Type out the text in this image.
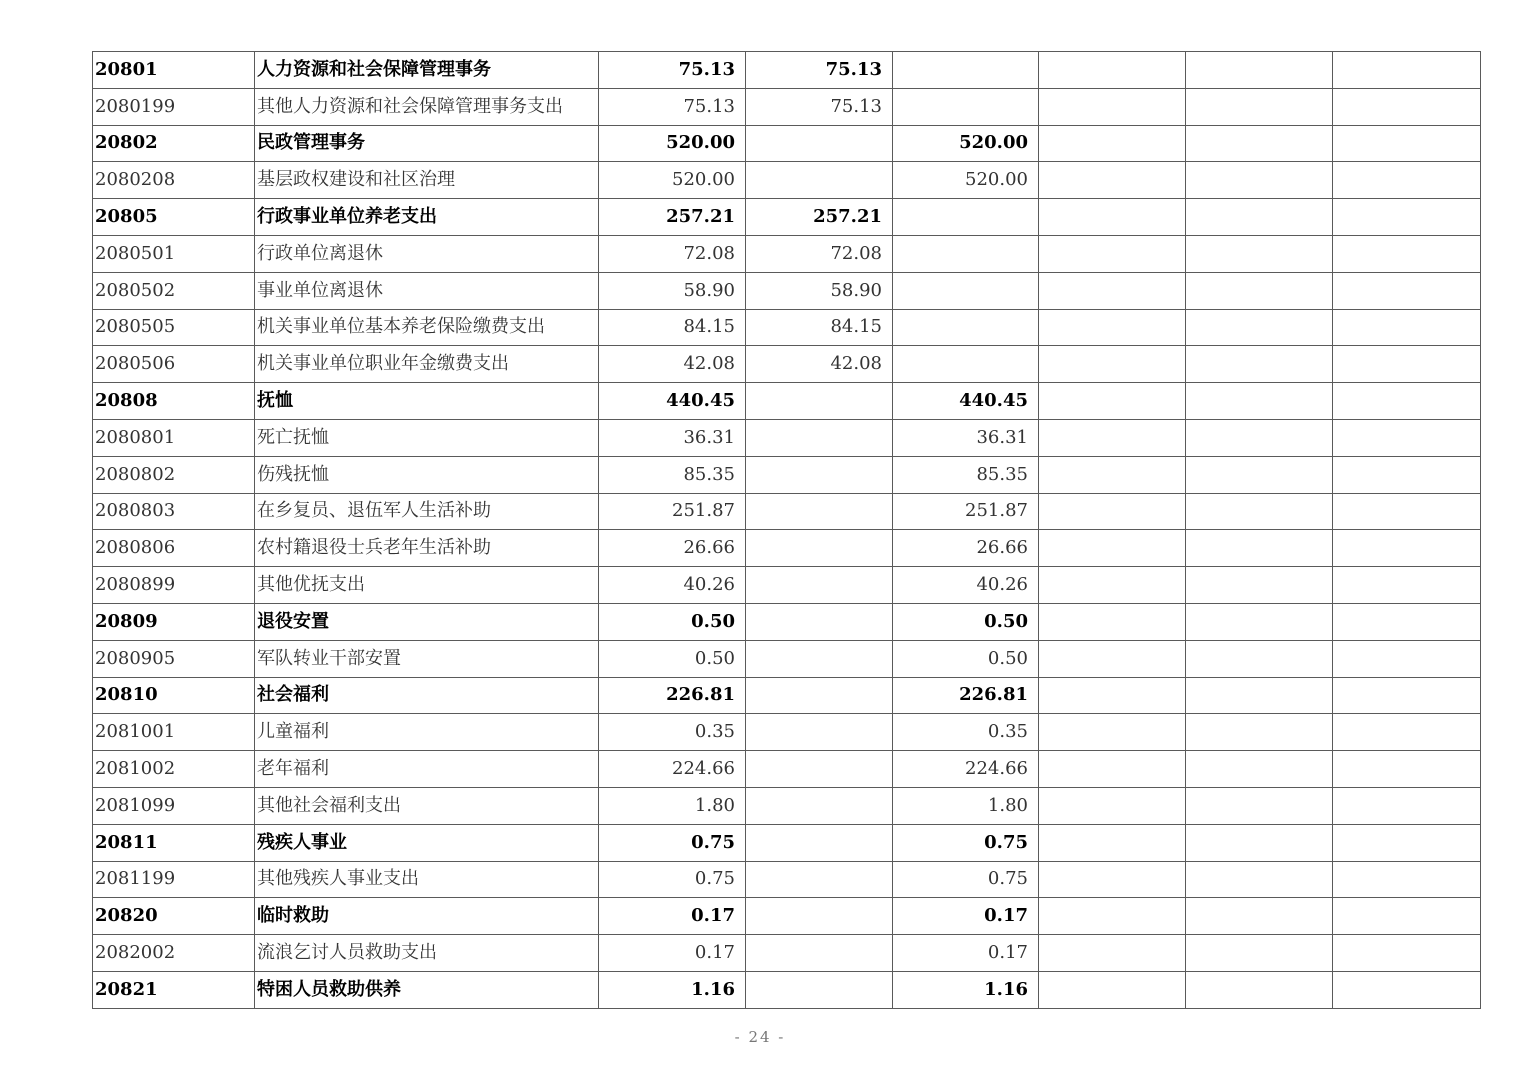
20801	人力资源和社会保障管理事务	75.13	75.13				
2080199	其他人力资源和社会保障管理事务支出	75.13	75.13				
20802	民政管理事务	520.00		520.00			
2080208	基层政权建设和社区治理	520.00		520.00			
20805	行政事业单位养老支出	257.21	257.21				
2080501	行政单位离退休	72.08	72.08				
2080502	事业单位离退休	58.90	58.90				
2080505	机关事业单位基本养老保险缴费支出	84.15	84.15				
2080506	机关事业单位职业年金缴费支出	42.08	42.08				
20808	抚恤	440.45		440.45			
2080801	死亡抚恤	36.31		36.31			
2080802	伤残抚恤	85.35		85.35			
2080803	在乡复员、退伍军人生活补助	251.87		251.87			
2080806	农村籍退役士兵老年生活补助	26.66		26.66			
2080899	其他优抚支出	40.26		40.26			
20809	退役安置	0.50		0.50			
2080905	军队转业干部安置	0.50		0.50			
20810	社会福利	226.81		226.81			
2081001	儿童福利	0.35		0.35			
2081002	老年福利	224.66		224.66			
2081099	其他社会福利支出	1.80		1.80			
20811	残疾人事业	0.75		0.75			
2081199	其他残疾人事业支出	0.75		0.75			
20820	临时救助	0.17		0.17			
2082002	流浪乞讨人员救助支出	0.17		0.17			
20821	特困人员救助供养	1.16		1.16			
- 24 -
